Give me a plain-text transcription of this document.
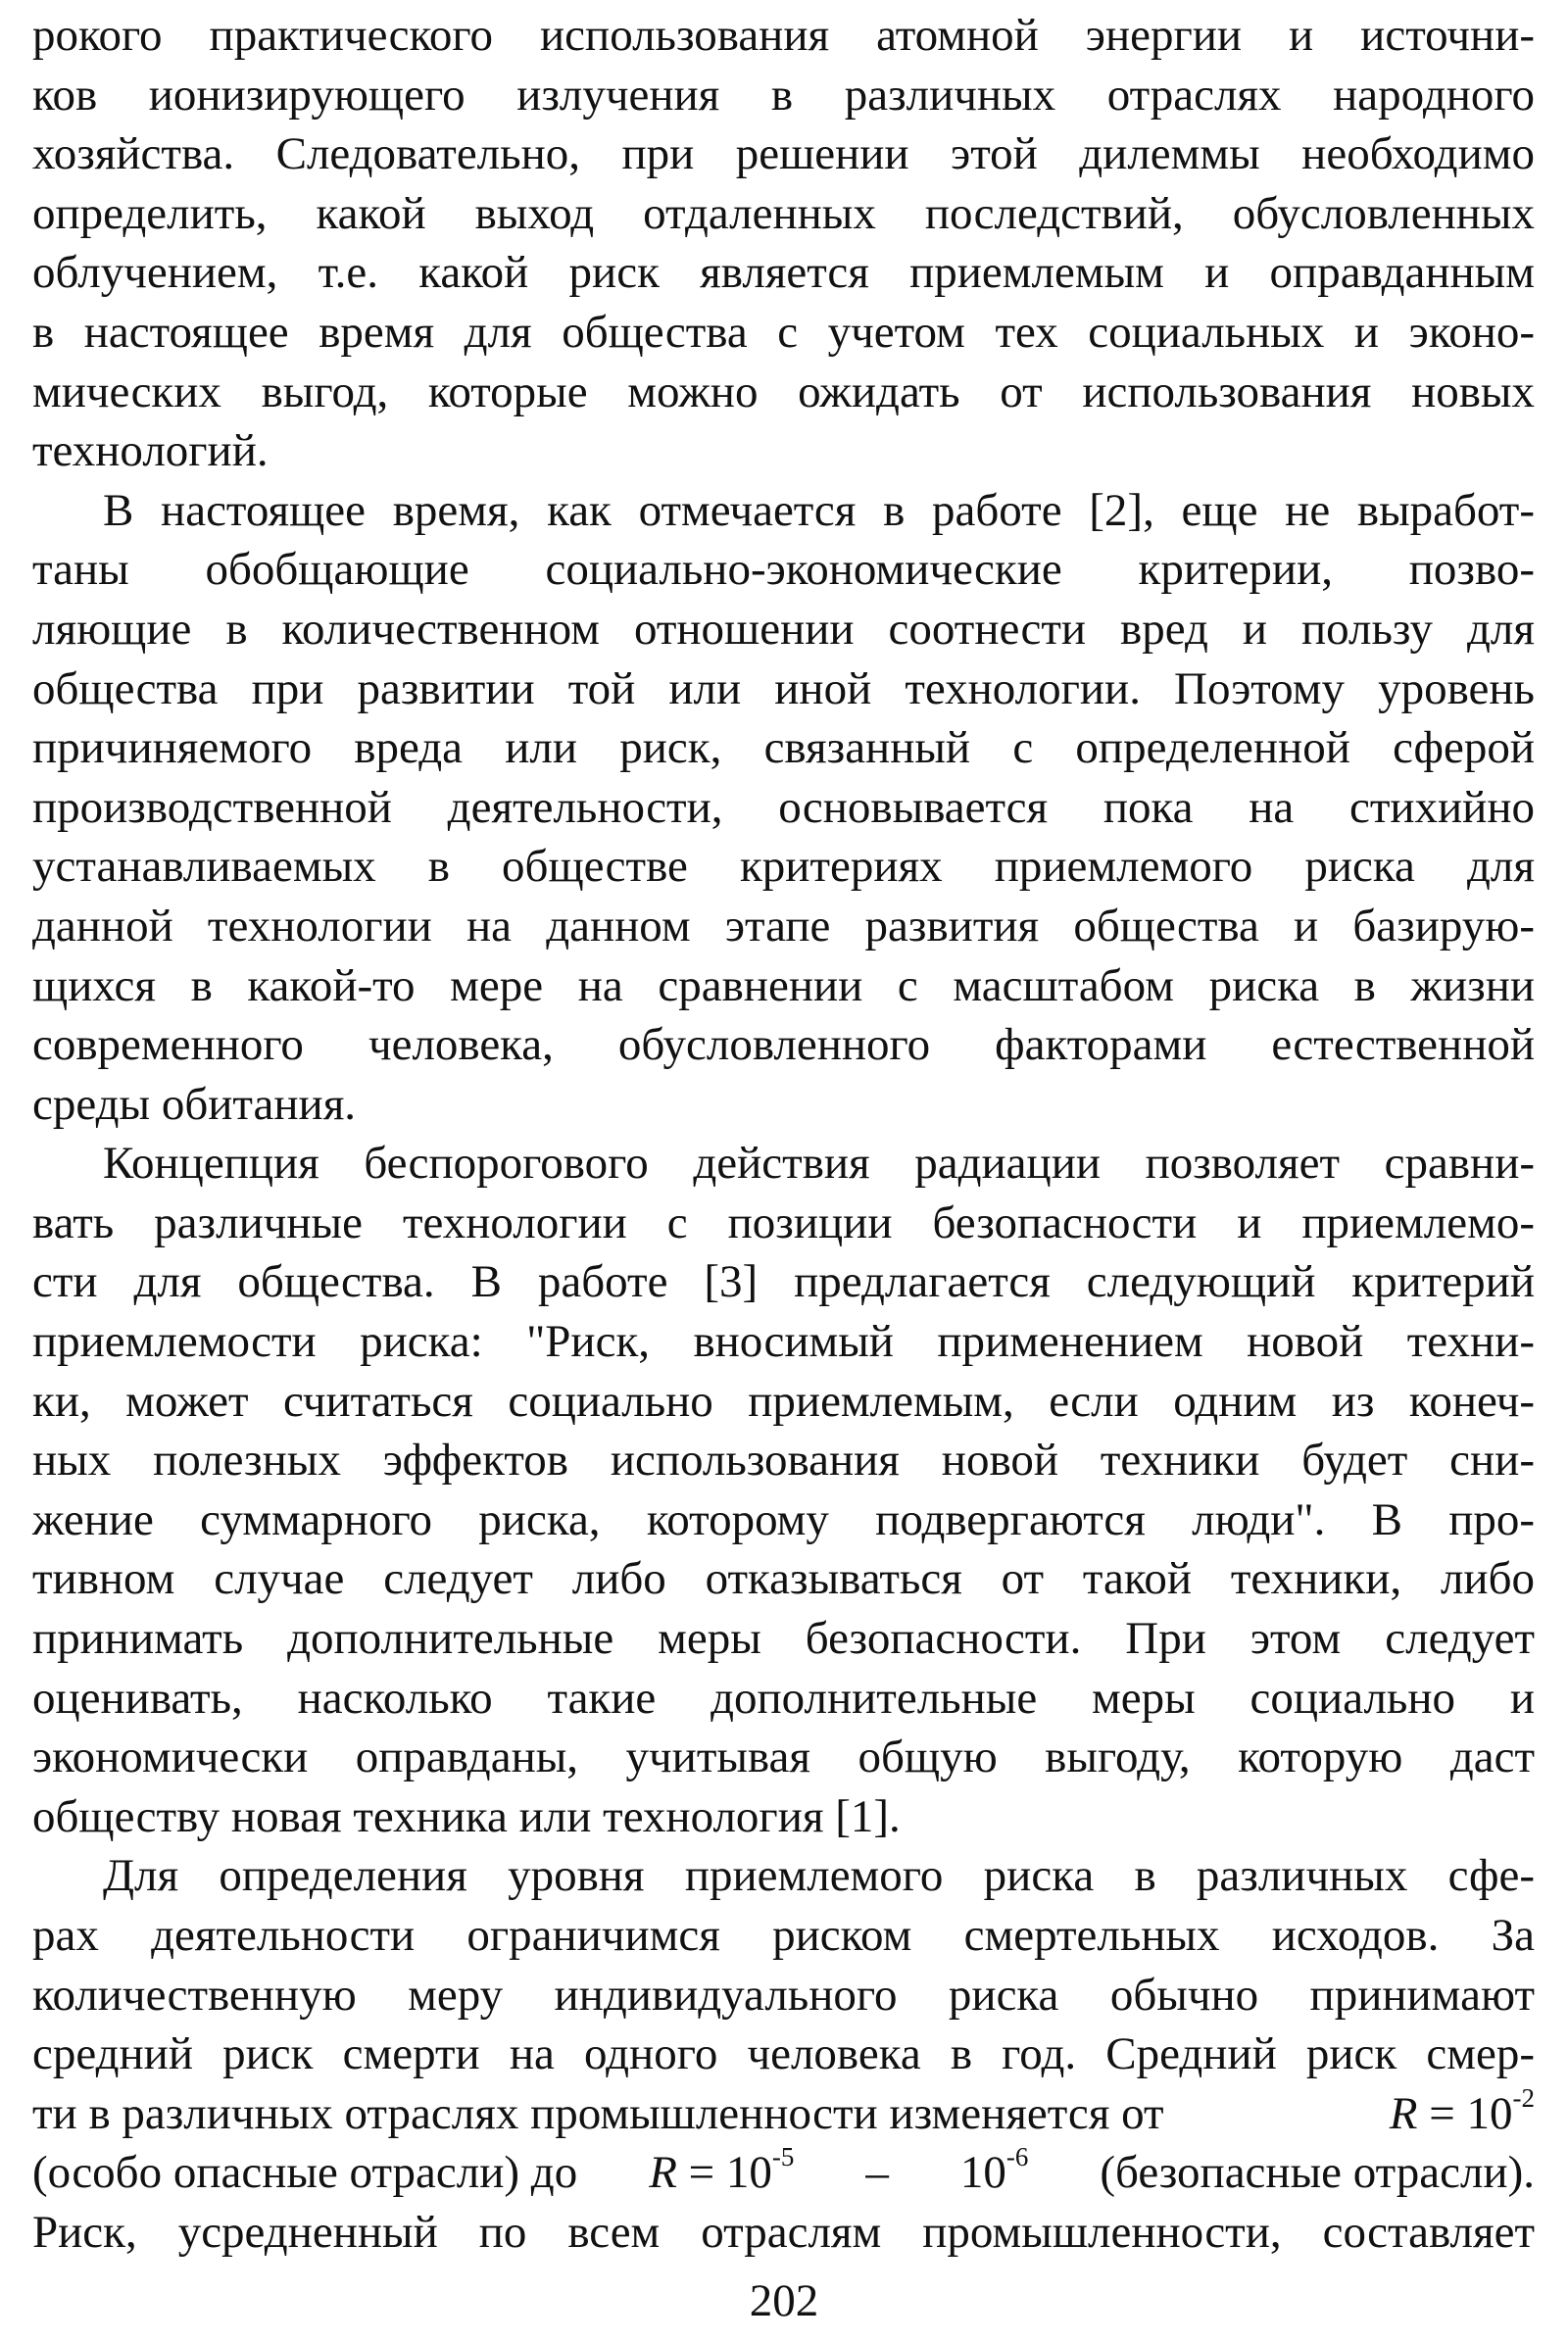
рокого практического использования атомной энергии и источни-
ков ионизирующего излучения в различных отраслях народного
хозяйства. Следовательно, при решении этой дилеммы необходимо
определить, какой выход отдаленных последствий, обусловленных
облучением, т.е. какой риск является приемлемым и оправданным
в настоящее время для общества с учетом тех социальных и эконо-
мических выгод, которые можно ожидать от использования новых
технологий.
В настоящее время, как отмечается в работе [2], еще не выработ-
таны обобщающие социально-экономические критерии, позво-
ляющие в количественном отношении соотнести вред и пользу для
общества при развитии той или иной технологии. Поэтому уровень
причиняемого вреда или риск, связанный с определенной сферой
производственной деятельности, основывается пока на стихийно
устанавливаемых в обществе критериях приемлемого риска для
данной технологии на данном этапе развития общества и базирую-
щихся в какой-то мере на сравнении с масштабом риска в жизни
современного человека, обусловленного факторами естественной
среды обитания.
Концепция беспорогового действия радиации позволяет сравни-
вать различные технологии с позиции безопасности и приемлемо-
сти для общества. В работе [3] предлагается следующий критерий
приемлемости риска: "Риск, вносимый применением новой техни-
ки, может считаться социально приемлемым, если одним из конеч-
ных полезных эффектов использования новой техники будет сни-
жение суммарного риска, которому подвергаются люди". В про-
тивном случае следует либо отказываться от такой техники, либо
принимать дополнительные меры безопасности. При этом следует
оценивать, насколько такие дополнительные меры социально и
экономически оправданы, учитывая общую выгоду, которую даст
обществу новая техника или технология [1].
Для определения уровня приемлемого риска в различных сфе-
рах деятельности ограничимся риском смертельных исходов. За
количественную меру индивидуального риска обычно принимают
средний риск смерти на одного человека в год. Средний риск смер-
ти в различных отраслях промышленности изменяется от	$R = 10^{-2}$
(особо опасные отрасли) до $R = 10^{-5} - 10^{-6}$ (безопасные отрасли).
Риск, усредненный по всем отраслям промышленности, составляет
202
